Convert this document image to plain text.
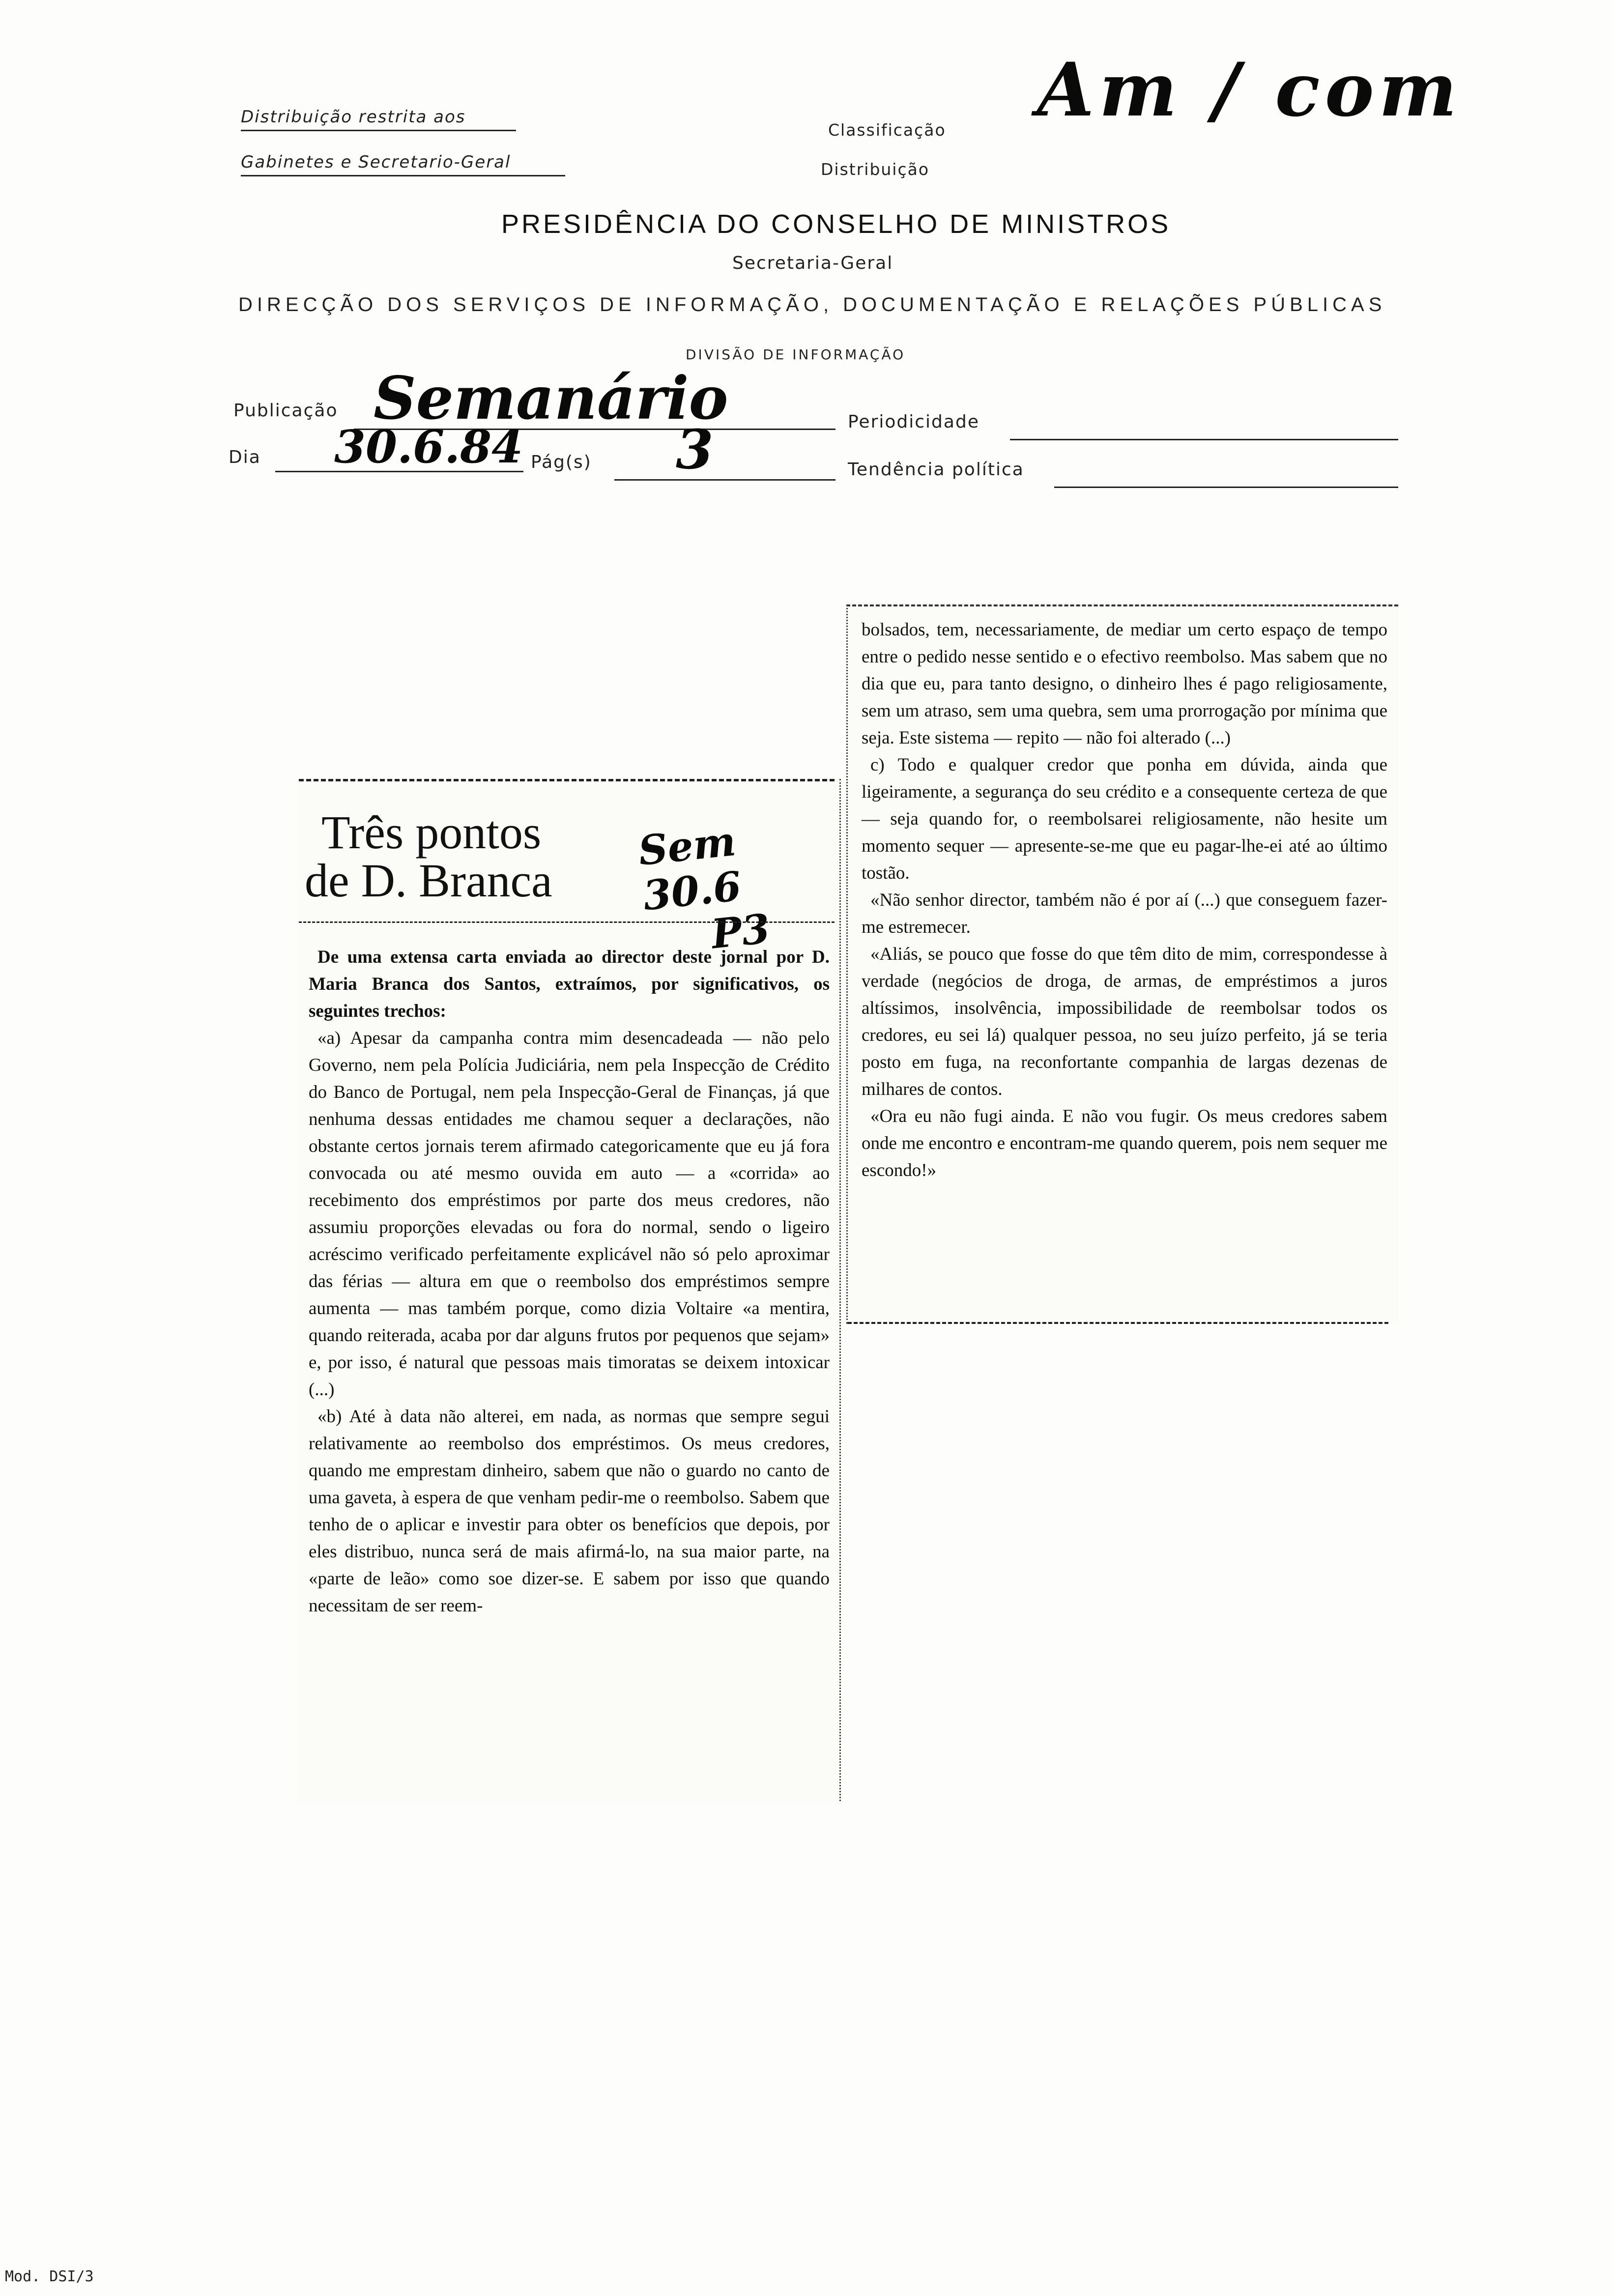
Distribuição restrita aos
Gabinetes e Secretario-Geral
Classificação
Distribuição
Am / com
PRESIDÊNCIA DO CONSELHO DE MINISTROS
Secretaria-Geral
DIRECÇÃO DOS SERVIÇOS DE INFORMAÇÃO, DOCUMENTAÇÃO E RELAÇÕES PÚBLICAS
DIVISÃO DE INFORMAÇÃO
Publicação Semanário	Periodicidade
Dia 30.6.84 Pág(s) 3	Tendência política
Três pontos
de D. Branca
Sem 30.6
P3

De uma extensa carta enviada ao director deste jornal por D. Maria Branca dos Santos, extraímos, por significativos, os seguintes trechos:

«a) Apesar da campanha contra mim desencadeada — não pelo Governo, nem pela Polícia Judiciária, nem pela Inspecção de Crédito do Banco de Portugal, nem pela Inspecção-Geral de Finanças, já que nenhuma dessas entidades me chamou sequer a declarações, não obstante certos jornais terem afirmado categoricamente que eu já fora convocada ou até mesmo ouvida em auto — a «corrida» ao recebimento dos empréstimos por parte dos meus credores, não assumiu proporções elevadas ou fora do normal, sendo o ligeiro acréscimo verificado perfeitamente explicável não só pelo aproximar das férias — altura em que o reembolso dos empréstimos sempre aumenta — mas também porque, como dizia Voltaire «a mentira, quando reiterada, acaba por dar alguns frutos por pequenos que sejam» e, por isso, é natural que pessoas mais timoratas se deixem intoxicar (...)

«b) Até à data não alterei, em nada, as normas que sempre segui relativamente ao reembolso dos empréstimos. Os meus credores, quando me emprestam dinheiro, sabem que não o guardo no canto de uma gaveta, à espera de que venham pedir-me o reembolso. Sabem que tenho de o aplicar e investir para obter os benefícios que depois, por eles distribuo, nunca será de mais afirmá-lo, na sua maior parte, na «parte de leão» como soe dizer-se. E sabem por isso que quando necessitam de ser reem-

bolsados, tem, necessariamente, de mediar um certo espaço de tempo entre o pedido nesse sentido e o efectivo reembolso. Mas sabem que no dia que eu, para tanto designo, o dinheiro lhes é pago religiosamente, sem um atraso, sem uma quebra, sem uma prorrogação por mínima que seja. Este sistema — repito — não foi alterado (...)

c) Todo e qualquer credor que ponha em dúvida, ainda que ligeiramente, a segurança do seu crédito e a consequente certeza de que — seja quando for, o reembolsarei religiosamente, não hesite um momento sequer — apresente-se-me que eu pagar-lhe-ei até ao último tostão.

«Não senhor director, também não é por aí (...) que conseguem fazer-me estremecer.

«Aliás, se pouco que fosse do que têm dito de mim, correspondesse à verdade (negócios de droga, de armas, de empréstimos a juros altíssimos, insolvência, impossibilidade de reembolsar todos os credores, eu sei lá) qualquer pessoa, no seu juízo perfeito, já se teria posto em fuga, na reconfortante companhia de largas dezenas de milhares de contos.

«Ora eu não fugi ainda. E não vou fugir. Os meus credores sabem onde me encontro e encontram-me quando querem, pois nem sequer me escondo!»

Mod. DSI/3
